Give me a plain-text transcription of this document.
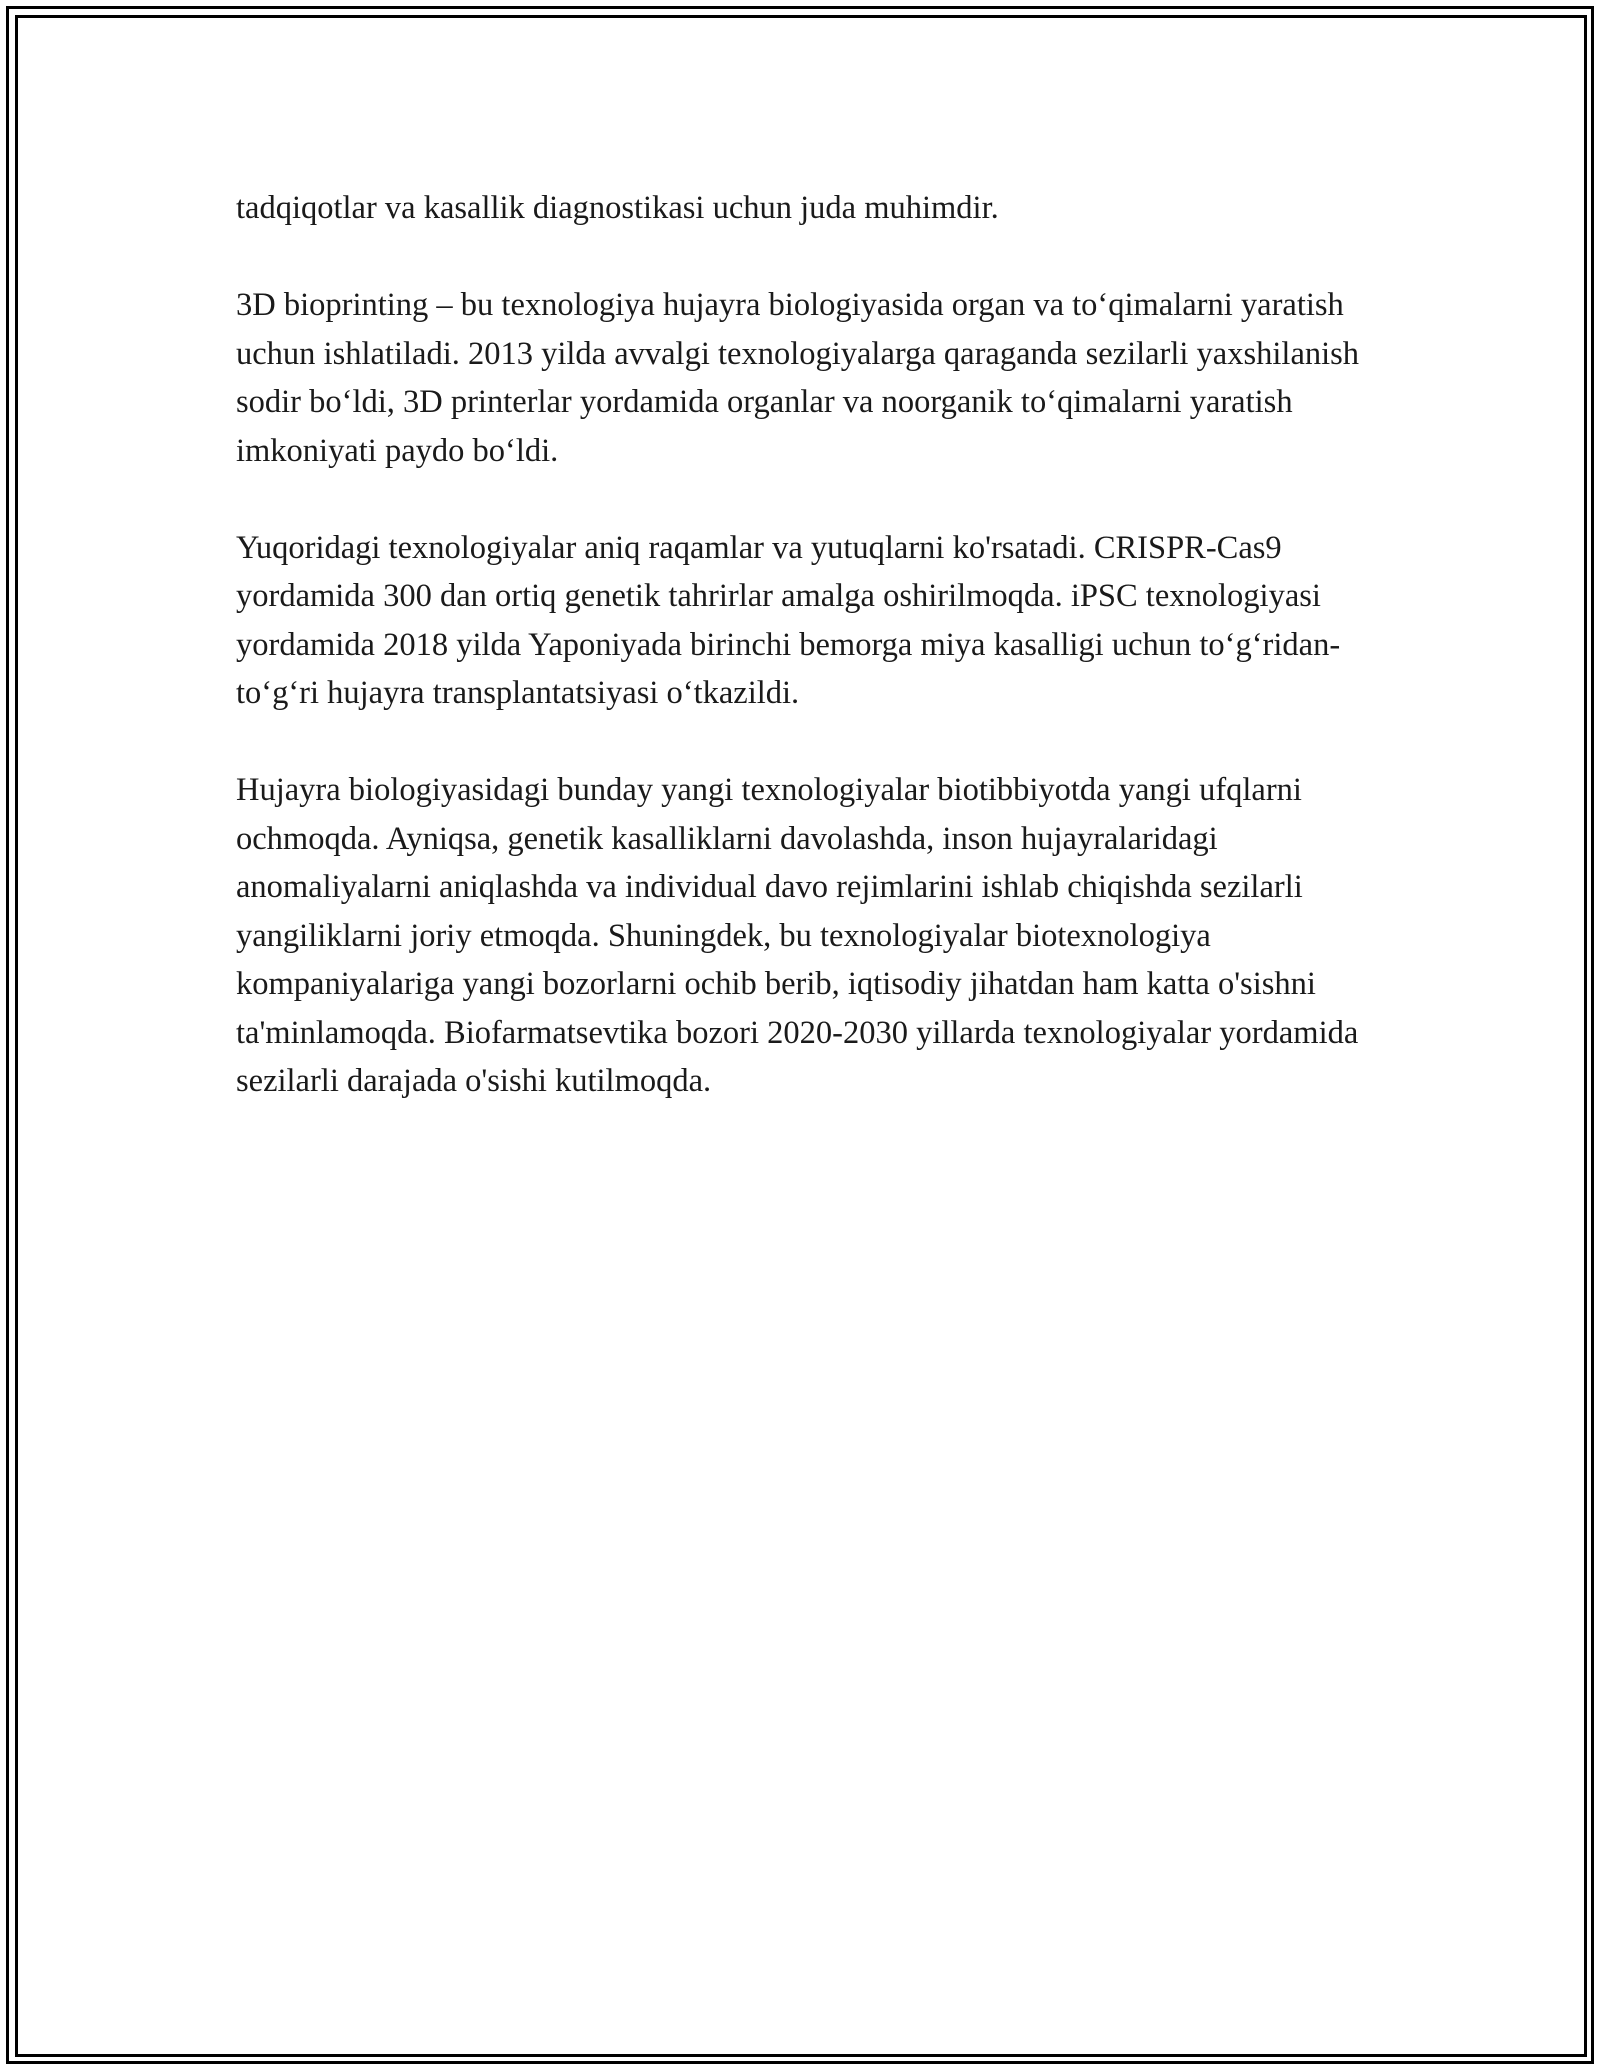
tadqiqotlar va kasallik diagnostikasi uchun juda muhimdir.

3D bioprinting – bu texnologiya hujayra biologiyasida organ va to‘qimalarni yaratish uchun ishlatiladi. 2013 yilda avvalgi texnologiyalarga qaraganda sezilarli yaxshilanish sodir bo‘ldi, 3D printerlar yordamida organlar va noorganik to‘qimalarni yaratish imkoniyati paydo bo‘ldi.

Yuqoridagi texnologiyalar aniq raqamlar va yutuqlarni ko'rsatadi. CRISPR-Cas9 yordamida 300 dan ortiq genetik tahrirlar amalga oshirilmoqda. iPSC texnologiyasi yordamida 2018 yilda Yaponiyada birinchi bemorga miya kasalligi uchun to‘g‘ridan-to‘g‘ri hujayra transplantatsiyasi o‘tkazildi.

Hujayra biologiyasidagi bunday yangi texnologiyalar biotibbiyotda yangi ufqlarni ochmoqda. Ayniqsa, genetik kasalliklarni davolashda, inson hujayralaridagi anomaliyalarni aniqlashda va individual davo rejimlarini ishlab chiqishda sezilarli yangiliklarni joriy etmoqda. Shuningdek, bu texnologiyalar biotexnologiya kompaniyalariga yangi bozorlarni ochib berib, iqtisodiy jihatdan ham katta o'sishni ta'minlamoqda. Biofarmatsevtika bozori 2020-2030 yillarda texnologiyalar yordamida sezilarli darajada o'sishi kutilmoqda.
